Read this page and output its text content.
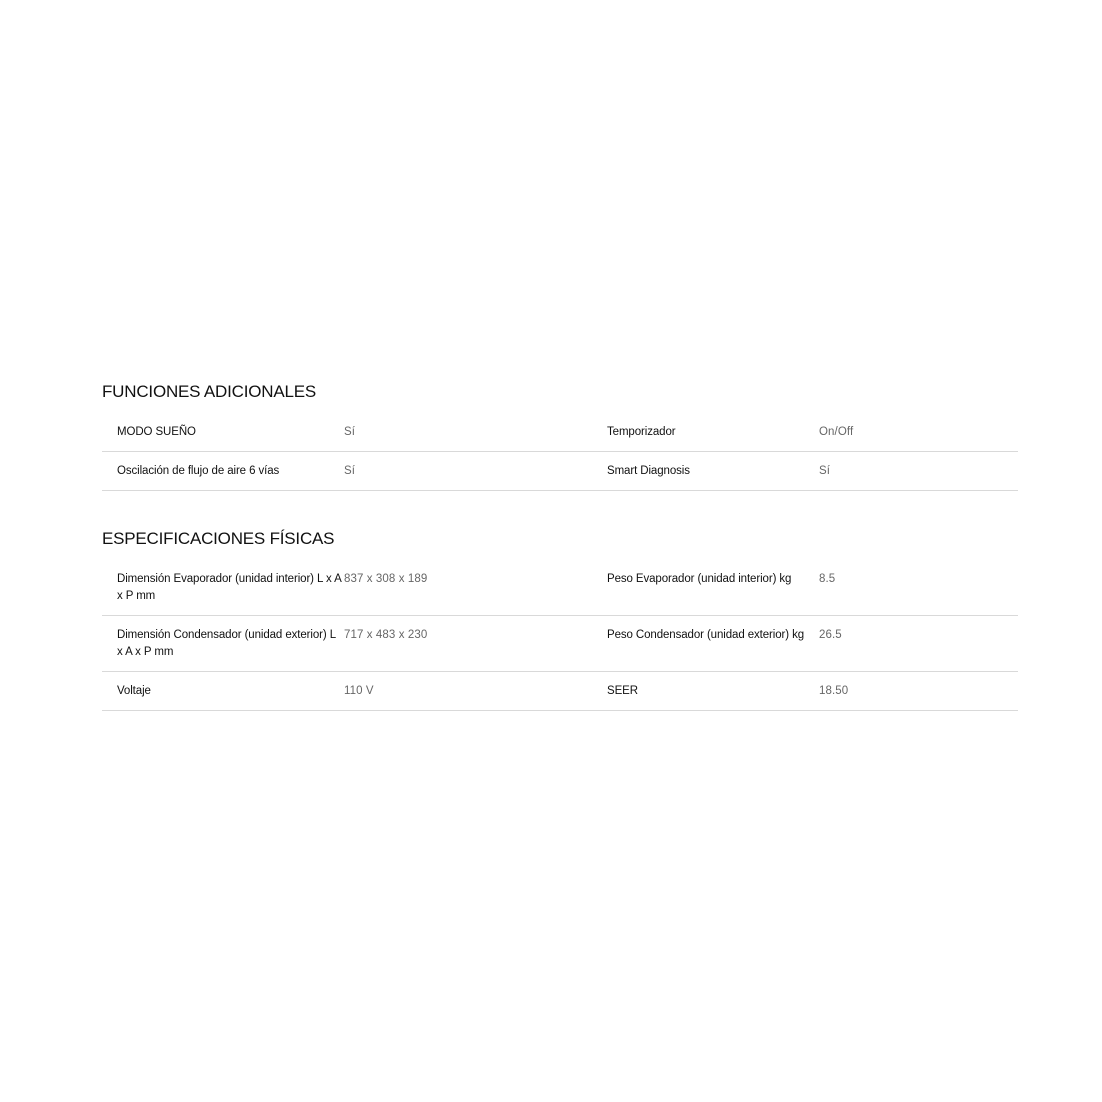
FUNCIONES ADICIONALES
MODO SUEÑO	Sí	Temporizador	On/Off
Oscilación de flujo de aire 6 vías	Sí	Smart Diagnosis	Sí
ESPECIFICACIONES FÍSICAS
Dimensión Evaporador (unidad interior) L x A x P mm	837 x 308 x 189	Peso Evaporador (unidad interior) kg	8.5
Dimensión Condensador (unidad exterior) L x A x P mm	717 x 483 x 230	Peso Condensador (unidad exterior) kg	26.5
Voltaje	110 V	SEER	18.50
